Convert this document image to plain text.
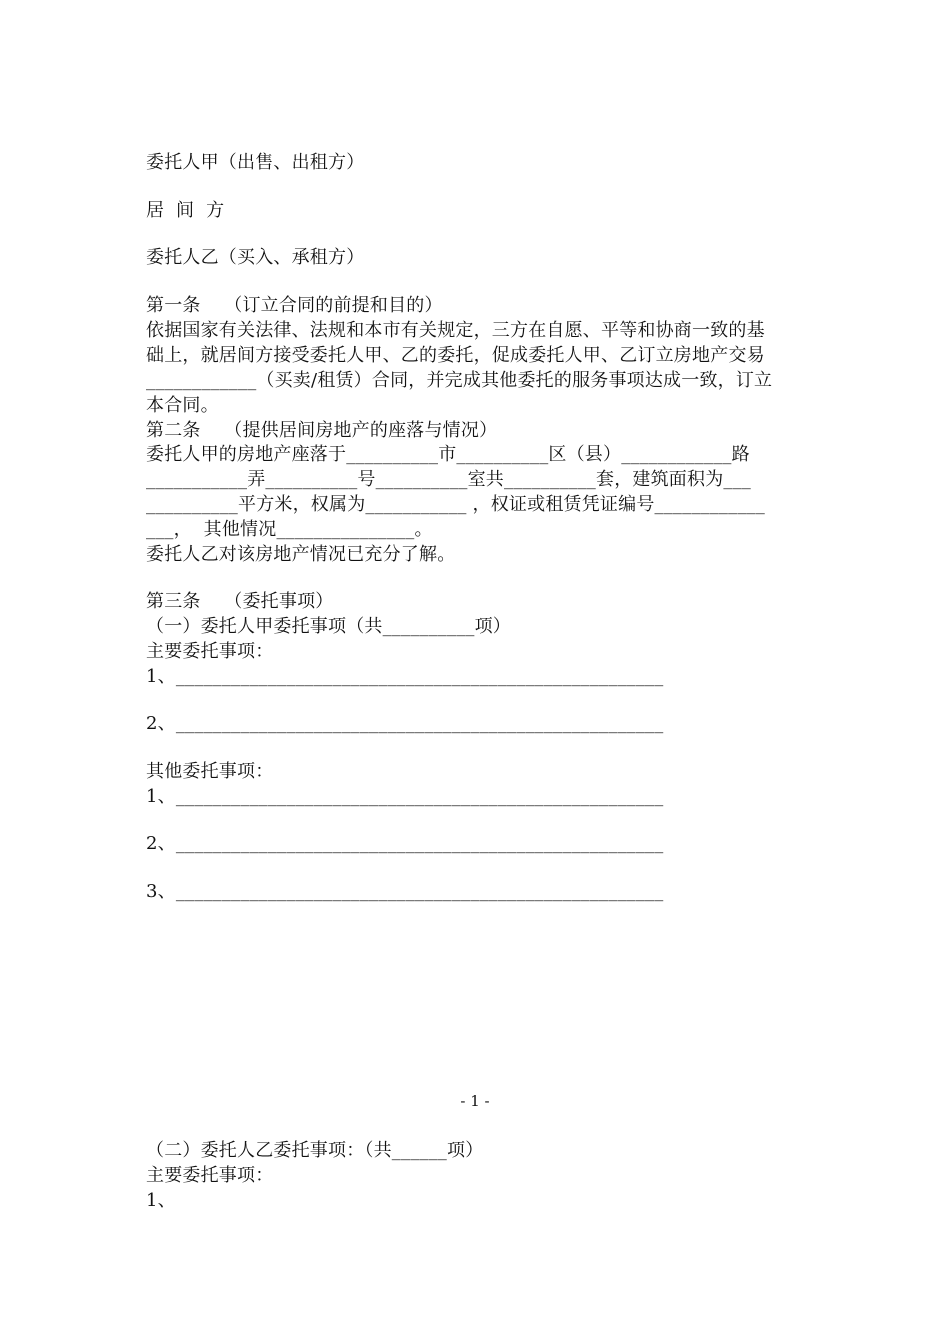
委托人甲（出售、出租方）
居  间  方
委托人乙（买入、承租方）
第一条    （订立合同的前提和目的）
依据国家有关法律、法规和本市有关规定，三方在自愿、平等和协商一致的基
础上，就居间方接受委托人甲、乙的委托，促成委托人甲、乙订立房地产交易
____________（买卖/租赁）合同，并完成其他委托的服务事项达成一致，订立
本合同。
第二条    （提供居间房地产的座落与情况）
委托人甲的房地产座落于__________市__________区（县）____________路
___________弄__________号__________室共__________套，建筑面积为___
__________平方米，权属为___________ ，权证或租赁凭证编号____________
___，  其他情况_______________。
委托人乙对该房地产情况已充分了解。
第三条    （委托事项）
（一）委托人甲委托事项（共__________项）
主要委托事项：
1、_____________________________________________________
2、_____________________________________________________
其他委托事项：
1、_____________________________________________________
2、_____________________________________________________
3、_____________________________________________________
- 1 -
（二）委托人乙委托事项：（共______项）
主要委托事项：
1、
